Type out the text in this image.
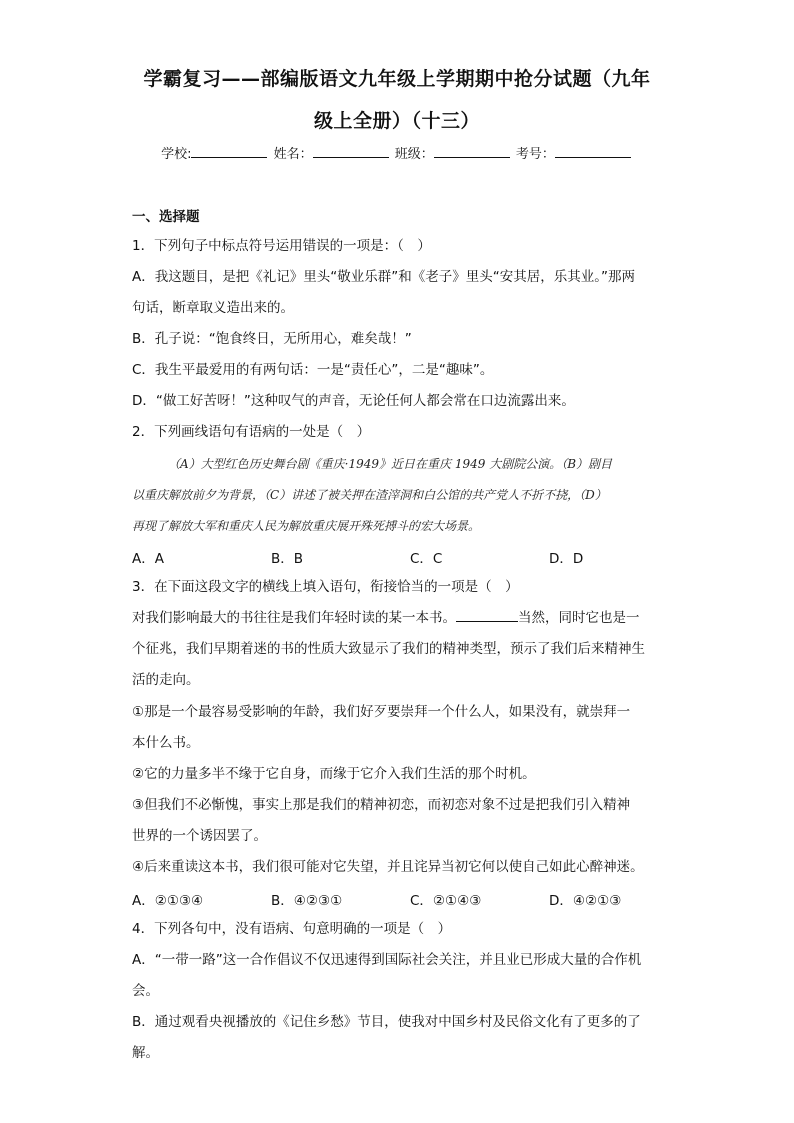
学霸复习——部编版语文九年级上学期期中抢分试题（九年
级上全册）（十三）
学校:	姓名：	班级：	考号：
一、选择题
1．下列句子中标点符号运用错误的一项是：（　）
A．我这题目，是把《礼记》里头“敬业乐群”和《老子》里头“安其居，乐其业。”那两
句话，断章取义造出来的。
B．孔子说：“饱食终日，无所用心，难矣哉！”
C．我生平最爱用的有两句话：一是“责任心”，二是“趣味”。
D．“做工好苦呀！”这种叹气的声音，无论任何人都会常在口边流露出来。
2．下列画线语句有语病的一处是（　）
（A）大型红色历史舞台剧《重庆·1949》近日在重庆 1949 大剧院公演。（B）剧目
以重庆解放前夕为背景，（C）讲述了被关押在渣滓洞和白公馆的共产党人不折不挠，（D）
再现了解放大军和重庆人民为解放重庆展开殊死搏斗的宏大场景。
A．A	B．B	C．C	D．D
3．在下面这段文字的横线上填入语句，衔接恰当的一项是（　）
对我们影响最大的书往往是我们年轻时读的某一本书。	当然，同时它也是一
个征兆，我们早期着迷的书的性质大致显示了我们的精神类型，预示了我们后来精神生
活的走向。
①那是一个最容易受影响的年龄，我们好歹要崇拜一个什么人，如果没有，就崇拜一
本什么书。
②它的力量多半不缘于它自身，而缘于它介入我们生活的那个时机。
③但我们不必惭愧，事实上那是我们的精神初恋，而初恋对象不过是把我们引入精神
世界的一个诱因罢了。
④后来重读这本书，我们很可能对它失望，并且诧异当初它何以使自己如此心醉神迷。
A．②①③④	B．④②③①	C．②①④③	D．④②①③
4．下列各句中，没有语病、句意明确的一项是（　）
A．“一带一路”这一合作倡议不仅迅速得到国际社会关注，并且业已形成大量的合作机
会。
B．通过观看央视播放的《记住乡愁》节目，使我对中国乡村及民俗文化有了更多的了
解。
